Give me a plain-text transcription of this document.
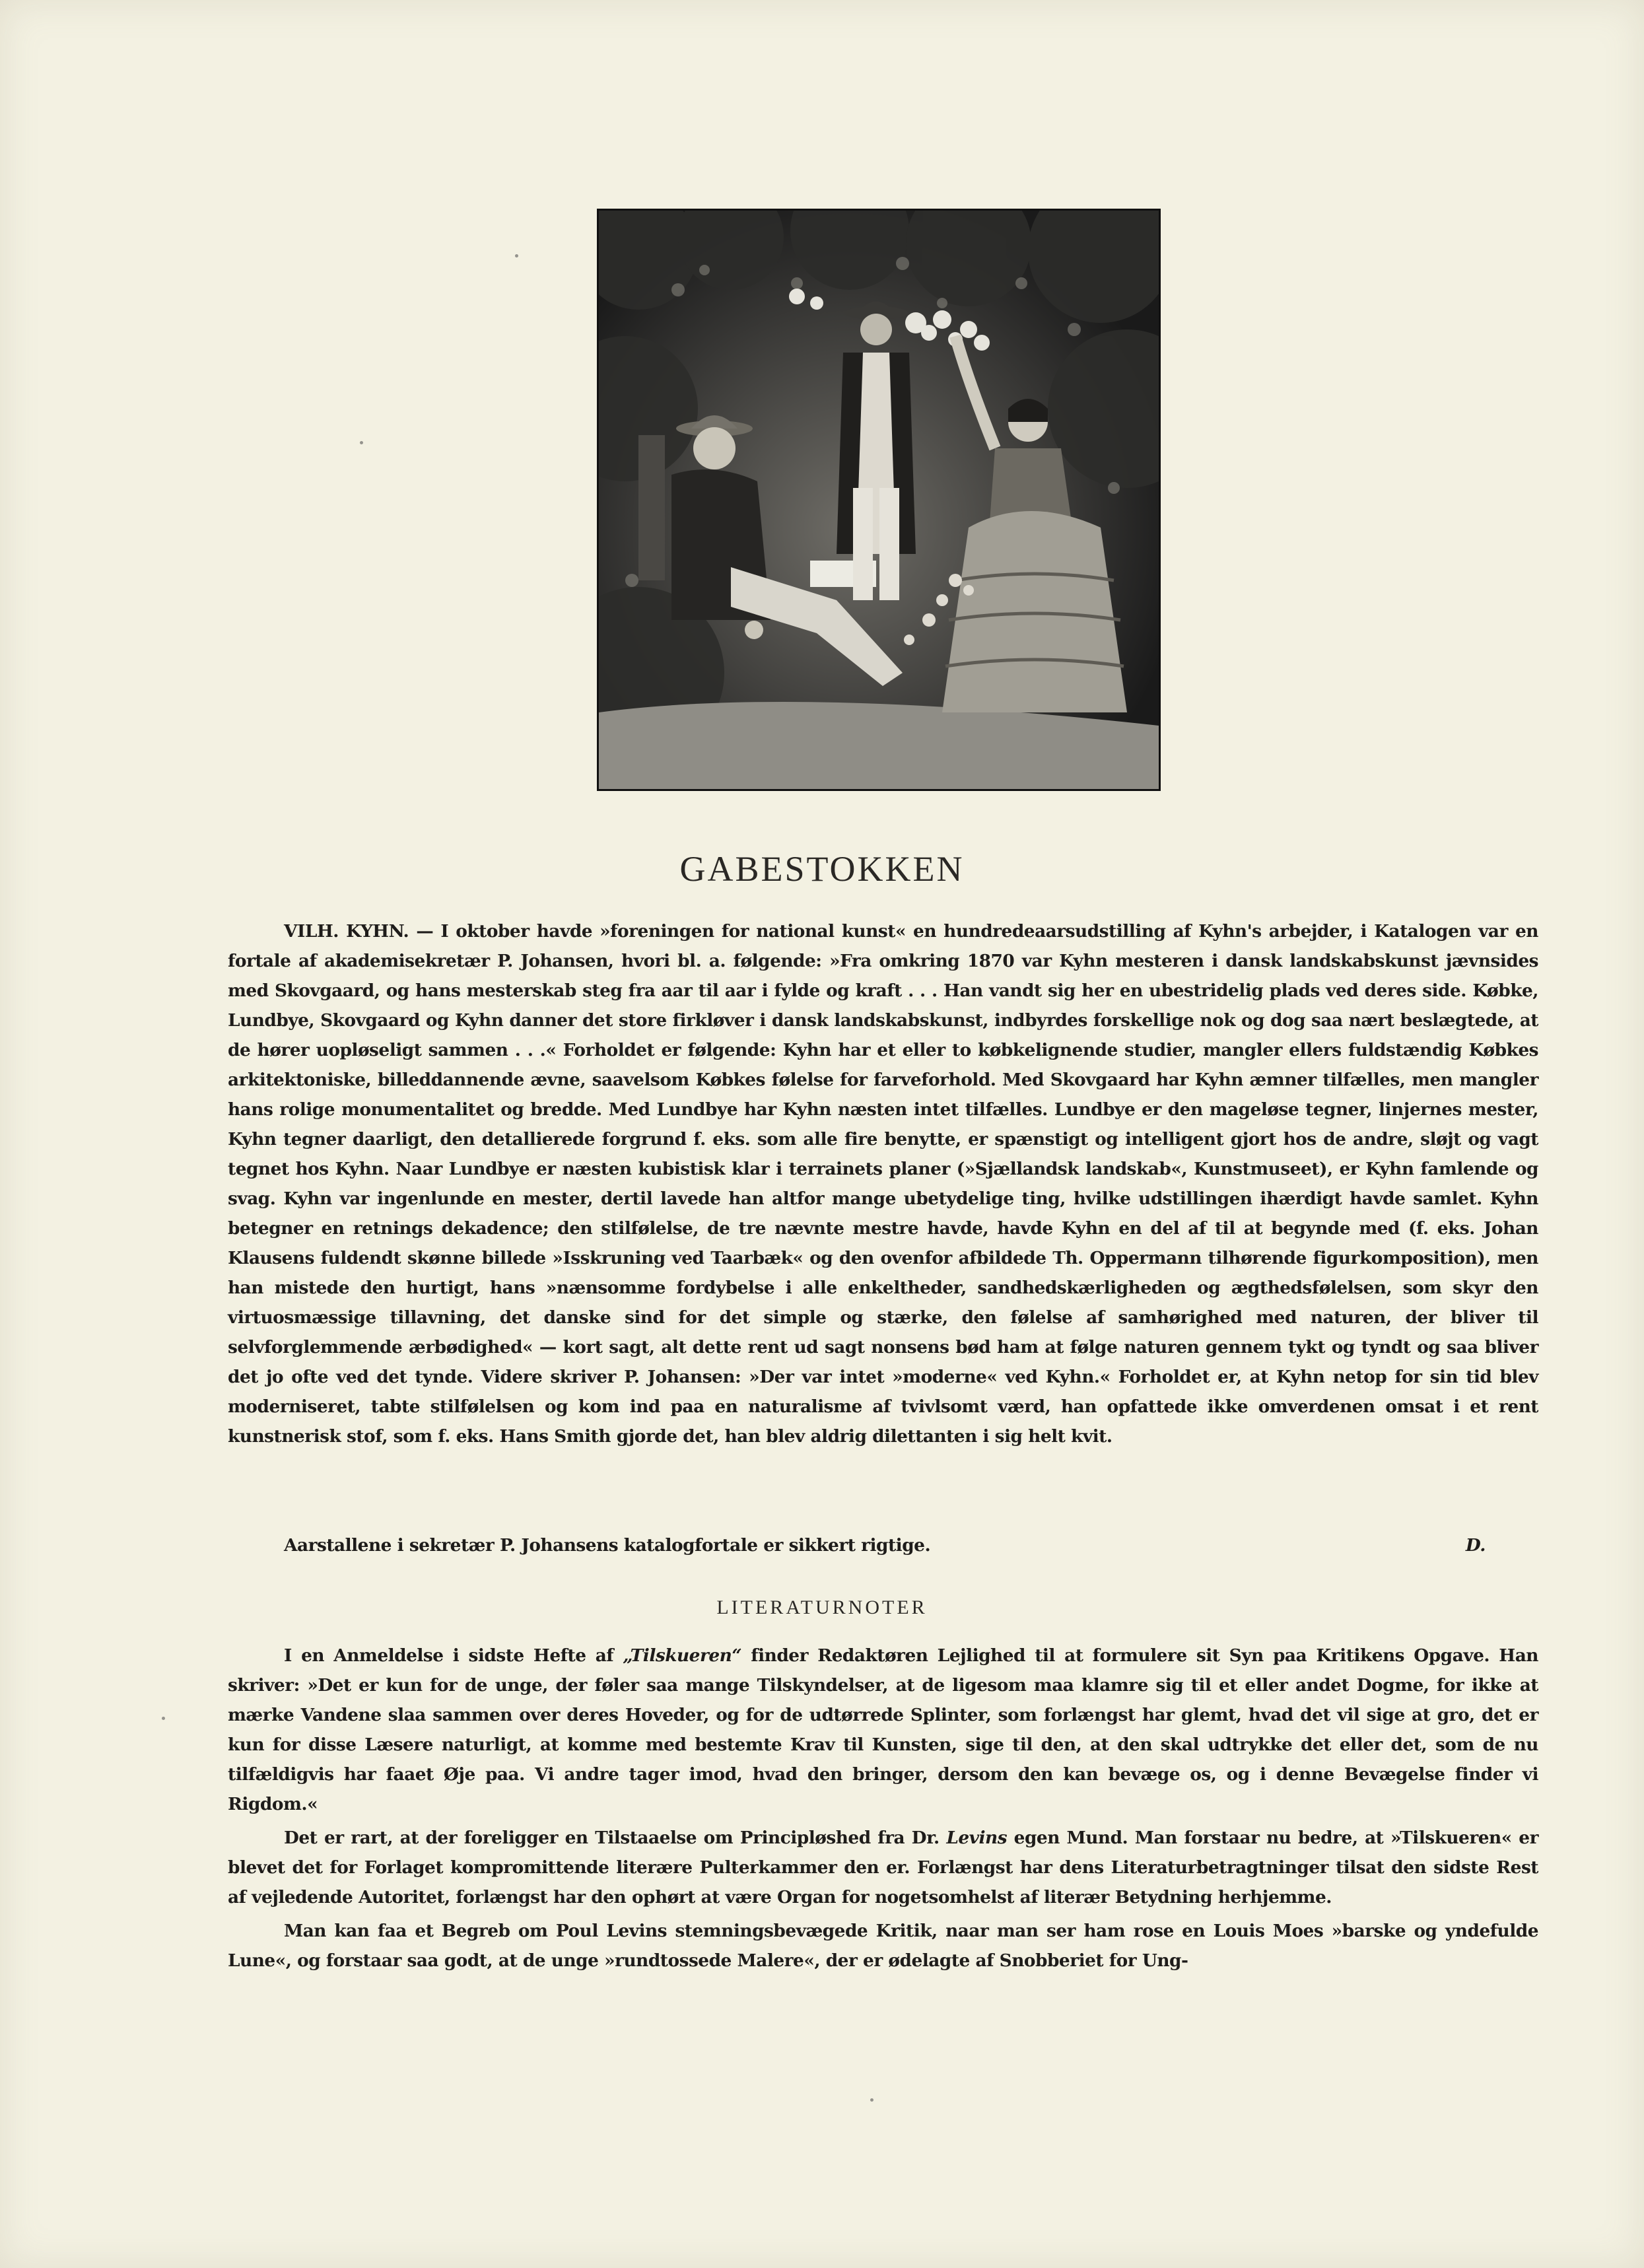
GABESTOKKEN

VILH. KYHN. — I oktober havde »foreningen for national kunst« en hundredeaarsudstilling af Kyhn's arbejder, i Katalogen var en fortale af akademisekretær P. Johansen, hvori bl. a. følgende: »Fra omkring 1870 var Kyhn mesteren i dansk landskabskunst jævnsides med Skovgaard, og hans mesterskab steg fra aar til aar i fylde og kraft . . . Han vandt sig her en ubestridelig plads ved deres side. Købke, Lundbye, Skovgaard og Kyhn danner det store firkløver i dansk landskabskunst, indbyrdes forskellige nok og dog saa nært beslægtede, at de hører uopløseligt sammen . . .« Forholdet er følgende: Kyhn har et eller to købkelignende studier, mangler ellers fuldstændig Købkes arkitektoniske, billeddannende ævne, saavelsom Købkes følelse for farveforhold. Med Skovgaard har Kyhn æmner tilfælles, men mangler hans rolige monumentalitet og bredde. Med Lundbye har Kyhn næsten intet tilfælles. Lundbye er den mageløse tegner, linjernes mester, Kyhn tegner daarligt, den detallierede forgrund f. eks. som alle fire benytte, er spænstigt og intelligent gjort hos de andre, sløjt og vagt tegnet hos Kyhn. Naar Lundbye er næsten kubistisk klar i terrainets planer (»Sjællandsk landskab«, Kunstmuseet), er Kyhn famlende og svag. Kyhn var ingenlunde en mester, dertil lavede han altfor mange ubetydelige ting, hvilke udstillingen ihærdigt havde samlet. Kyhn betegner en retnings dekadence; den stilfølelse, de tre nævnte mestre havde, havde Kyhn en del af til at begynde med (f. eks. Johan Klausens fuldendt skønne billede »Isskruning ved Taarbæk« og den ovenfor afbildede Th. Oppermann tilhørende figurkomposition), men han mistede den hurtigt, hans »nænsomme fordybelse i alle enkeltheder, sandhedskærligheden og ægthedsfølelsen, som skyr den virtuosmæssige tillavning, det danske sind for det simple og stærke, den følelse af samhørighed med naturen, der bliver til selvforglemmende ærbødighed« — kort sagt, alt dette rent ud sagt nonsens bød ham at følge naturen gennem tykt og tyndt og saa bliver det jo ofte ved det tynde. Videre skriver P. Johansen: »Der var intet »moderne« ved Kyhn.« Forholdet er, at Kyhn netop for sin tid blev moderniseret, tabte stilfølelsen og kom ind paa en naturalisme af tvivlsomt værd, han opfattede ikke omverdenen omsat i et rent kunstnerisk stof, som f. eks. Hans Smith gjorde det, han blev aldrig dilettanten i sig helt kvit.

Aarstallene i sekretær P. Johansens katalogfortale er sikkert rigtige.	D.
LITERATURNOTER

I en Anmeldelse i sidste Hefte af „Tilskueren“ finder Redaktøren Lejlighed til at formulere sit Syn paa Kritikens Opgave. Han skriver: »Det er kun for de unge, der føler saa mange Tilskyndelser, at de ligesom maa klamre sig til et eller andet Dogme, for ikke at mærke Vandene slaa sammen over deres Hoveder, og for de udtørrede Splinter, som forlængst har glemt, hvad det vil sige at gro, det er kun for disse Læsere naturligt, at komme med bestemte Krav til Kunsten, sige til den, at den skal udtrykke det eller det, som de nu tilfældigvis har faaet Øje paa. Vi andre tager imod, hvad den bringer, dersom den kan bevæge os, og i denne Bevægelse finder vi Rigdom.«

Det er rart, at der foreligger en Tilstaaelse om Principløshed fra Dr. Levins egen Mund. Man forstaar nu bedre, at »Tilskueren« er blevet det for Forlaget kompromittende literære Pulterkammer den er. Forlængst har dens Literaturbetragtninger tilsat den sidste Rest af vejledende Autoritet, forlængst har den ophørt at være Organ for nogetsomhelst af literær Betydning herhjemme.

Man kan faa et Begreb om Poul Levins stemningsbevægede Kritik, naar man ser ham rose en Louis Moes »barske og yndefulde Lune«, og forstaar saa godt, at de unge »rundtossede Malere«, der er ødelagte af Snobberiet for Ung-
